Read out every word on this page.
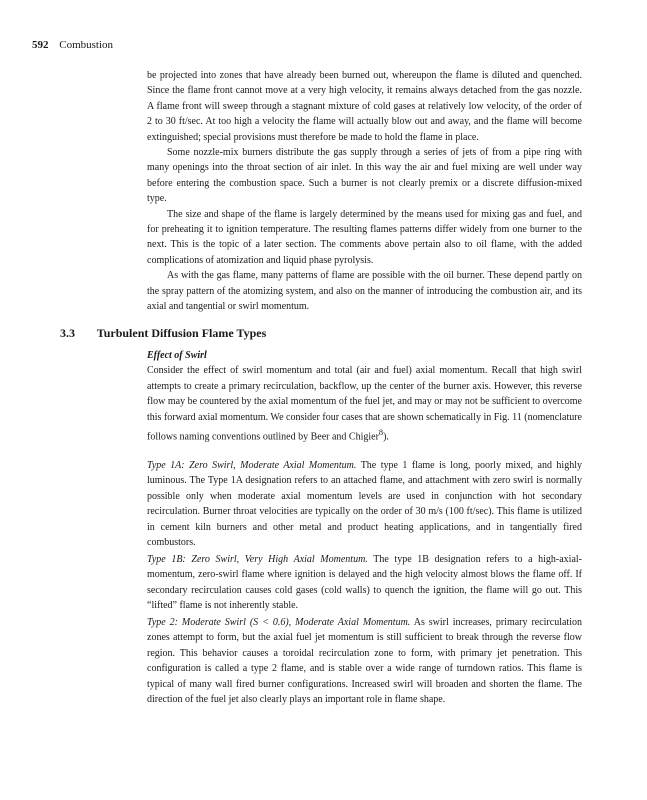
592 Combustion

be projected into zones that have already been burned out, whereupon the flame is diluted and quenched. Since the flame front cannot move at a very high velocity, it remains always detached from the gas nozzle. A flame front will sweep through a stagnant mixture of cold gases at relatively low velocity, of the order of 2 to 30 ft/sec. At too high a velocity the flame will actually blow out and away, and the flame will become extinguished; special provisions must therefore be made to hold the flame in place.

Some nozzle-mix burners distribute the gas supply through a series of jets of from a pipe ring with many openings into the throat section of air inlet. In this way the air and fuel mixing are well under way before entering the combustion space. Such a burner is not clearly premix or a discrete diffusion-mixed type.

The size and shape of the flame is largely determined by the means used for mixing gas and fuel, and for preheating it to ignition temperature. The resulting flames patterns differ widely from one burner to the next. This is the topic of a later section. The comments above pertain also to oil flame, with the added complications of atomization and liquid phase pyrolysis.

As with the gas flame, many patterns of flame are possible with the oil burner. These depend partly on the spray pattern of the atomizing system, and also on the manner of introducing the combustion air, and its axial and tangential or swirl momentum.

3.3 Turbulent Diffusion Flame Types

Effect of Swirl

Consider the effect of swirl momentum and total (air and fuel) axial momentum. Recall that high swirl attempts to create a primary recirculation, backflow, up the center of the burner axis. However, this reverse flow may be countered by the axial momentum of the fuel jet, and may or may not be sufficient to overcome this forward axial momentum. We consider four cases that are shown schematically in Fig. 11 (nomenclature follows naming conventions outlined by Beer and Chigier$^8$).

Type 1A: Zero Swirl, Moderate Axial Momentum. The type 1 flame is long, poorly mixed, and highly luminous. The Type 1A designation refers to an attached flame, and attachment with zero swirl is normally possible only when moderate axial momentum levels are used in conjunction with hot secondary recirculation. Burner throat velocities are typically on the order of 30 m/s (100 ft/sec). This flame is utilized in cement kiln burners and other metal and product heating applications, and in tangentially fired combustors.

Type 1B: Zero Swirl, Very High Axial Momentum. The type 1B designation refers to a high-axial-momentum, zero-swirl flame where ignition is delayed and the high velocity almost blows the flame off. If secondary recirculation causes cold gases (cold walls) to quench the ignition, the flame will go out. This “lifted” flame is not inherently stable.

Type 2: Moderate Swirl (S < 0.6), Moderate Axial Momentum. As swirl increases, primary recirculation zones attempt to form, but the axial fuel jet momentum is still sufficient to break through the reverse flow region. This behavior causes a toroidal recirculation zone to form, with primary jet penetration. This configuration is called a type 2 flame, and is stable over a wide range of turndown ratios. This flame is typical of many wall fired burner configurations. Increased swirl will broaden and shorten the flame. The direction of the fuel jet also clearly plays an important role in flame shape.
